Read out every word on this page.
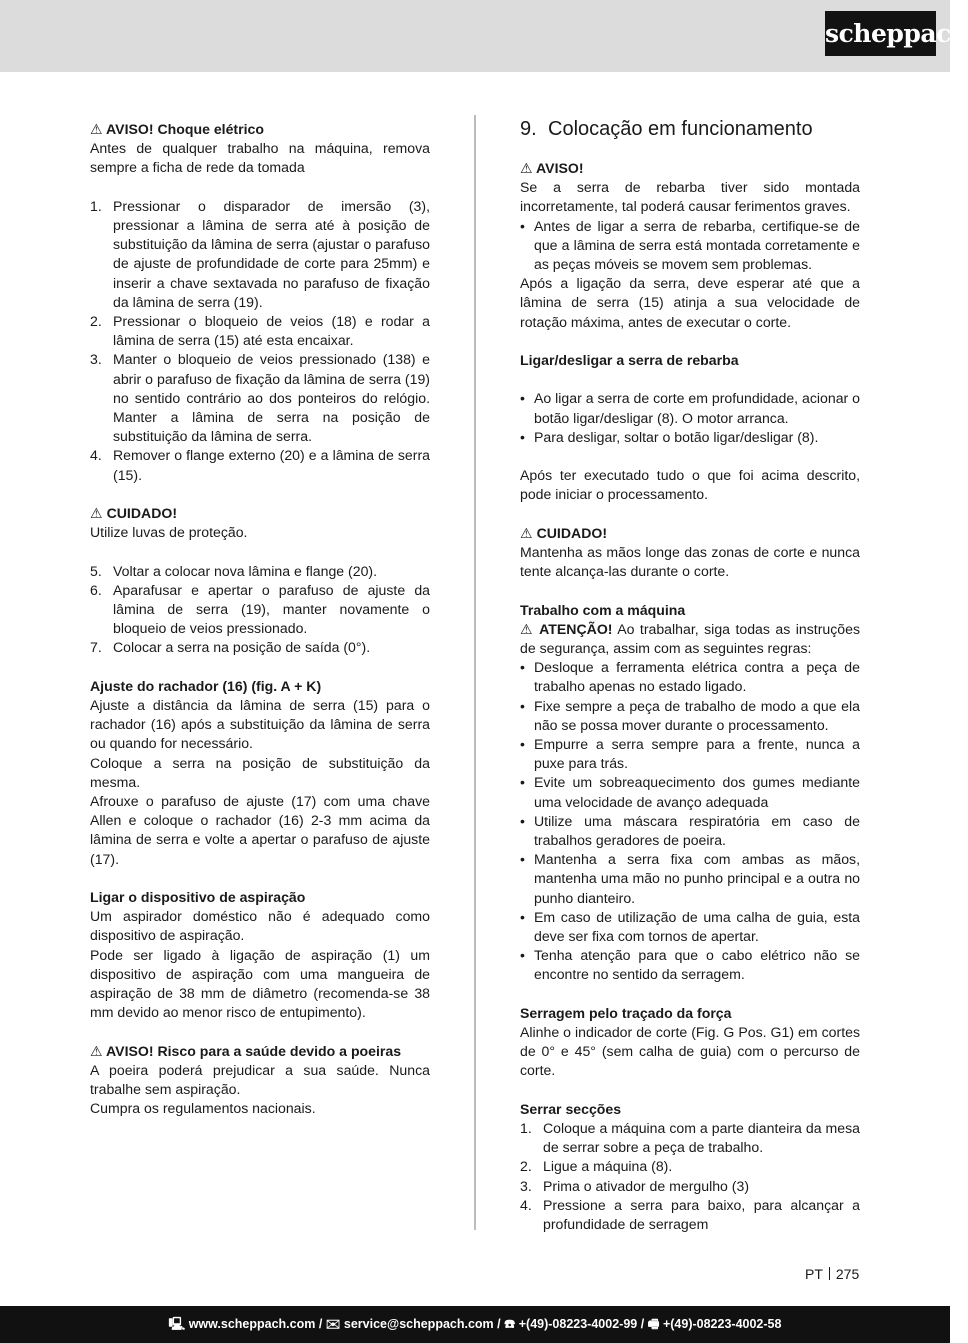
scheppach
⚠ AVISO! Choque elétrico
Antes de qualquer trabalho na máquina, remova sempre a ficha de rede da tomada
1. Pressionar o disparador de imersão (3), pressionar a lâmina de serra até à posição de substituição da lâmina de serra (ajustar o parafuso de ajuste de profundidade de corte para 25mm) e inserir a chave sextavada no parafuso de fixação da lâmina de serra (19).
2. Pressionar o bloqueio de veios (18) e rodar a lâmina de serra (15) até esta encaixar.
3. Manter o bloqueio de veios pressionado (138) e abrir o parafuso de fixação da lâmina de serra (19) no sentido contrário ao dos ponteiros do relógio. Manter a lâmina de serra na posição de substituição da lâmina de serra.
4. Remover o flange externo (20) e a lâmina de serra (15).
⚠ CUIDADO!
Utilize luvas de proteção.
5. Voltar a colocar nova lâmina e flange (20).
6. Aparafusar e apertar o parafuso de ajuste da lâmina de serra (19), manter novamente o bloqueio de veios pressionado.
7. Colocar a serra na posição de saída (0°).
Ajuste do rachador (16) (fig. A + K)
Ajuste a distância da lâmina de serra (15) para o rachador (16) após a substituição da lâmina de serra ou quando for necessário.
Coloque a serra na posição de substituição da mesma.
Afrouxe o parafuso de ajuste (17) com uma chave Allen e coloque o rachador (16) 2-3 mm acima da lâmina de serra e volte a apertar o parafuso de ajuste (17).
Ligar o dispositivo de aspiração
Um aspirador doméstico não é adequado como dispositivo de aspiração.
Pode ser ligado à ligação de aspiração (1) um dispositivo de aspiração com uma mangueira de aspiração de 38 mm de diâmetro (recomenda-se 38 mm devido ao menor risco de entupimento).
⚠ AVISO! Risco para a saúde devido a poeiras
A poeira poderá prejudicar a sua saúde. Nunca trabalhe sem aspiração.
Cumpra os regulamentos nacionais.
9. Colocação em funcionamento
⚠ AVISO!
Se a serra de rebarba tiver sido montada incorretamente, tal poderá causar ferimentos graves.
• Antes de ligar a serra de rebarba, certifique-se de que a lâmina de serra está montada corretamente e as peças móveis se movem sem problemas.
Após a ligação da serra, deve esperar até que a lâmina de serra (15) atinja a sua velocidade de rotação máxima, antes de executar o corte.
Ligar/desligar a serra de rebarba
• Ao ligar a serra de corte em profundidade, acionar o botão ligar/desligar (8). O motor arranca.
• Para desligar, soltar o botão ligar/desligar (8).
Após ter executado tudo o que foi acima descrito, pode iniciar o processamento.
⚠ CUIDADO!
Mantenha as mãos longe das zonas de corte e nunca tente alcança-las durante o corte.
Trabalho com a máquina
⚠ ATENÇÃO! Ao trabalhar, siga todas as instruções de segurança, assim com as seguintes regras:
• Desloque a ferramenta elétrica contra a peça de trabalho apenas no estado ligado.
• Fixe sempre a peça de trabalho de modo a que ela não se possa mover durante o processamento.
• Empurre a serra sempre para a frente, nunca a puxe para trás.
• Evite um sobreaquecimento dos gumes mediante uma velocidade de avanço adequada
• Utilize uma máscara respiratória em caso de trabalhos geradores de poeira.
• Mantenha a serra fixa com ambas as mãos, mantenha uma mão no punho principal e a outra no punho dianteiro.
• Em caso de utilização de uma calha de guia, esta deve ser fixa com tornos de apertar.
• Tenha atenção para que o cabo elétrico não se encontre no sentido da serragem.
Serragem pelo traçado da força
Alinhe o indicador de corte (Fig. G Pos. G1) em cortes de 0° e 45° (sem calha de guia) com o percurso de corte.
Serrar secções
1. Coloque a máquina com a parte dianteira da mesa de serrar sobre a peça de trabalho.
2. Ligue a máquina (8).
3. Prima o ativador de mergulho (3)
4. Pressione a serra para baixo, para alcançar a profundidade de serragem
PT 275
🖳 www.scheppach.com / ✉ service@scheppach.com / ☎ +(49)-08223-4002-99 / 🖷 +(49)-08223-4002-58
